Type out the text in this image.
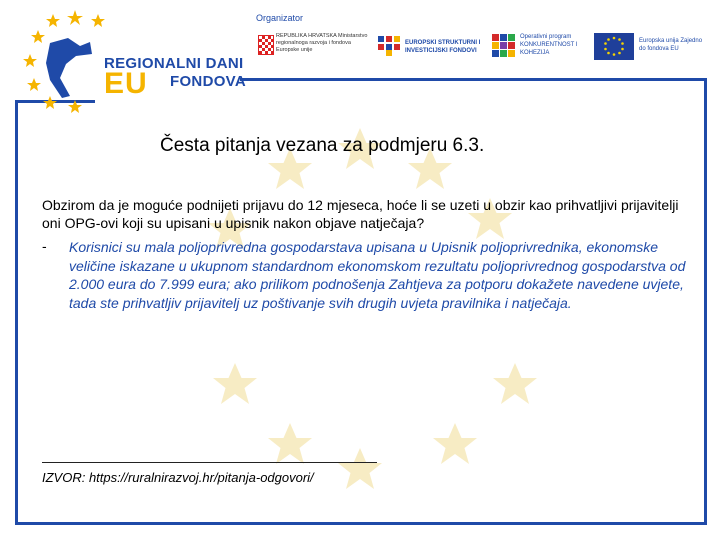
REGIONALNI DANI
EU FONDOVA
Organizator
REPUBLIKA HRVATSKA Ministarstvo regionalnoga razvoja i fondova Europske unije
EUROPSKI STRUKTURNI I INVESTICIJSKI FONDOVI
Operativni program KONKURENTNOST I KOHEZIJA
Europska unija Zajedno do fondova EU
Česta pitanja vezana za podmjeru 6.3.
Obzirom da je moguće podnijeti prijavu do 12 mjeseca, hoće li se uzeti u obzir kao prihvatljivi prijavitelji oni OPG-ovi koji su upisani u upisnik nakon objave natječaja?
- Korisnici su mala poljoprivredna gospodarstava upisana u Upisnik poljoprivrednika, ekonomske veličine iskazane u ukupnom standardnom ekonomskom rezultatu poljoprivrednog gospodarstva od 2.000 eura do 7.999 eura; ako prilikom podnošenja Zahtjeva za potporu dokažete navedene uvjete, tada ste prihvatljiv prijavitelj uz poštivanje svih drugih uvjeta pravilnika i natječaja.
IZVOR: https://ruralnirazvoj.hr/pitanja-odgovori/
